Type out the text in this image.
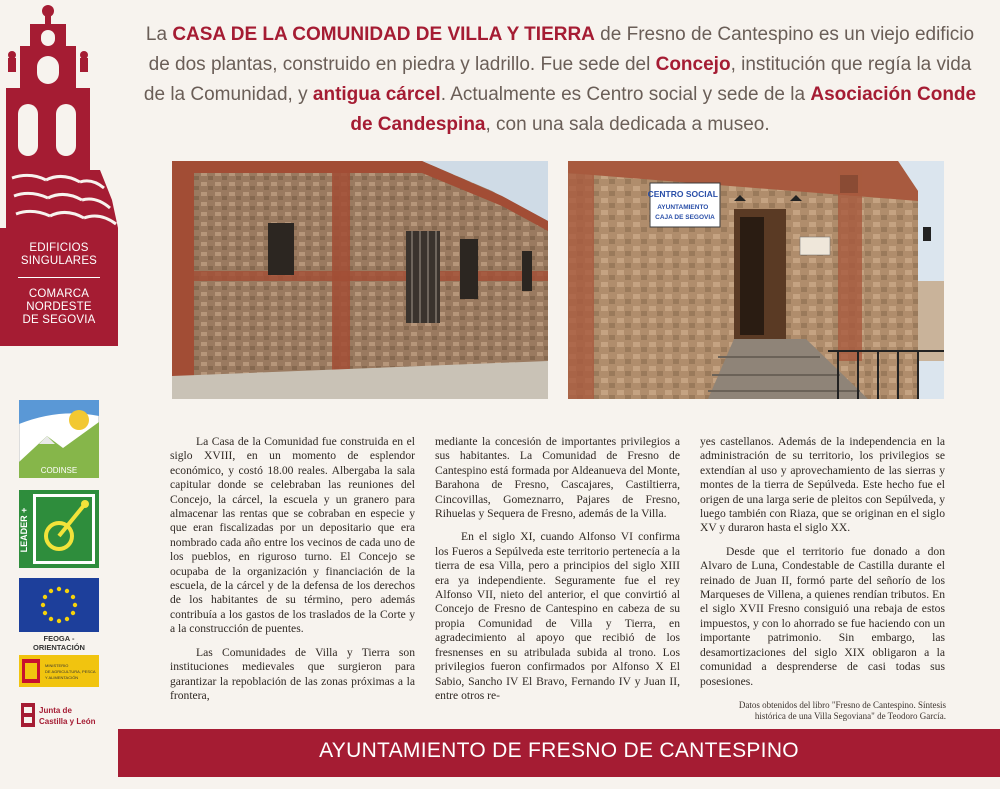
EDIFICIOS
SINGULARES
COMARCA
NORDESTE
DE SEGOVIA
CODINSE
LEADER +
FEOGA - ORIENTACIÓN
MINISTERIO DE AGRICULTURA, PESCA Y ALIMENTACIÓN
Junta de Castilla y León
La CASA DE LA COMUNIDAD DE VILLA Y TIERRA de Fresno de Cantespino es un viejo edificio de dos plantas, construido en piedra y ladrillo. Fue sede del Concejo, institución que regía la vida de la Comunidad, y antigua cárcel. Actualmente es Centro social y sede de la Asociación Conde de Candespina, con una sala dedicada a museo.
CENTRO SOCIAL AYUNTAMIENTO CAJA DE SEGOVIA

La Casa de la Comunidad fue construida en el siglo XVIII, en un momento de esplendor económico, y costó 18.00 reales. Albergaba la sala capitular donde se celebraban las reuniones del Concejo, la cárcel, la escuela y un granero para almacenar las rentas que se cobraban en especie y que eran fiscalizadas por un depositario que era nombrado cada año entre los vecinos de cada uno de los pueblos, en riguroso turno. El Concejo se ocupaba de la organización y financiación de la escuela, de la cárcel y de la defensa de los derechos de los habitantes de su término, pero además contribuía a los gastos de los traslados de la Corte y a la construcción de puentes.

Las Comunidades de Villa y Tierra son instituciones medievales que surgieron para garantizar la repoblación de las zonas próximas a la frontera,

mediante la concesión de importantes privilegios a sus habitantes. La Comunidad de Fresno de Cantespino está formada por Aldeanueva del Monte, Barahona de Fresno, Cascajares, Castiltierra, Cincovillas, Gomeznarro, Pajares de Fresno, Rihuelas y Sequera de Fresno, además de la Villa.

En el siglo XI, cuando Alfonso VI confirma los Fueros a Sepúlveda este territorio pertenecía a la tierra de esa Villa, pero a principios del siglo XIII era ya independiente. Seguramente fue el rey Alfonso VII, nieto del anterior, el que convirtió al Concejo de Fresno de Cantespino en cabeza de su propia Comunidad de Villa y Tierra, en agradecimiento al apoyo que recibió de los fresnenses en su atribulada subida al trono. Los privilegios fueron confirmados por Alfonso X El Sabio, Sancho IV El Bravo, Fernando IV y Juan II, entre otros re-

yes castellanos. Además de la independencia en la administración de su territorio, los privilegios se extendían al uso y aprovechamiento de las sierras y montes de la tierra de Sepúlveda. Este hecho fue el origen de una larga serie de pleitos con Sepúlveda, y luego también con Riaza, que se originan en el siglo XV y duraron hasta el siglo XX.

Desde que el territorio fue donado a don Alvaro de Luna, Condestable de Castilla durante el reinado de Juan II, formó parte del señorío de los Marqueses de Villena, a quienes rendían tributos. En el siglo XVII Fresno consiguió una rebaja de estos impuestos, y con lo ahorrado se fue haciendo con un importante patrimonio. Sin embargo, las desamortizaciones del siglo XIX obligaron a la comunidad a desprenderse de casi todas sus posesiones.

Datos obtenidos del libro "Fresno de Cantespino. Síntesis
histórica de una Villa Segoviana" de Teodoro García.
AYUNTAMIENTO DE FRESNO DE CANTESPINO
